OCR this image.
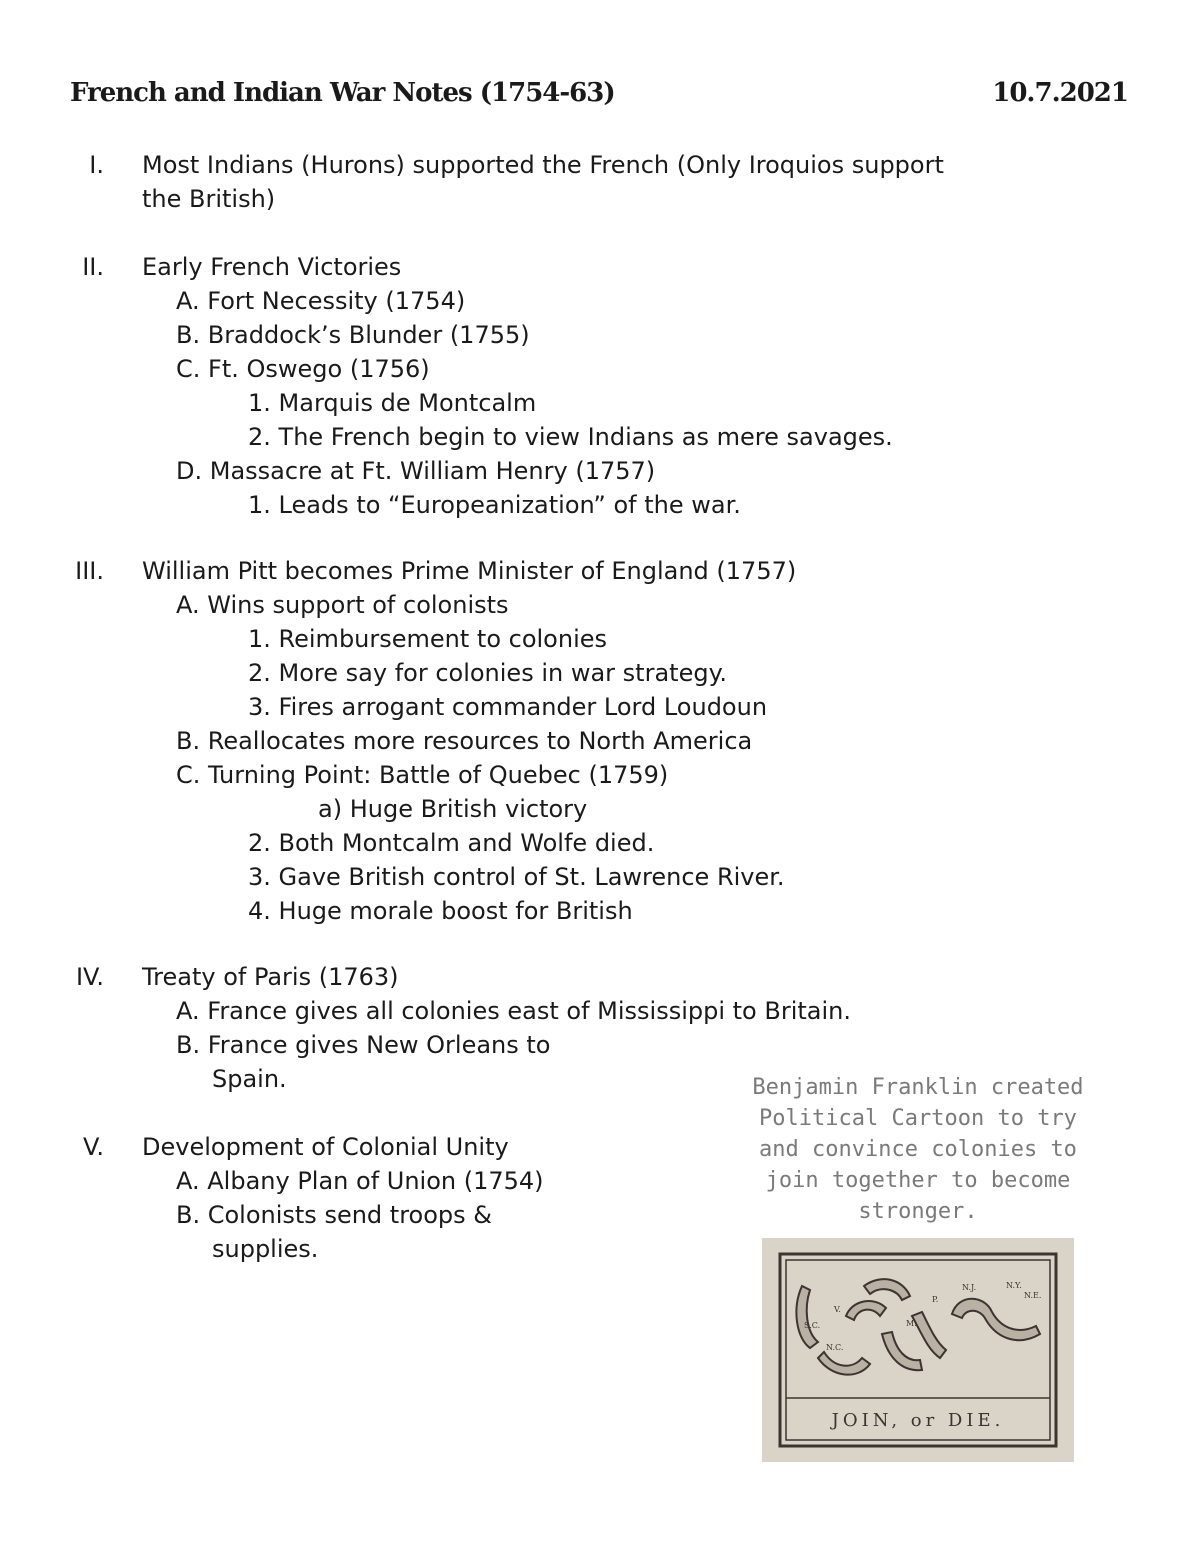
French and Indian War Notes (1754-63)	10.7.2021
I. Most Indians (Hurons) supported the French (Only Iroquios support
the British)
II. Early French Victories
A. Fort Necessity (1754)
B. Braddock’s Blunder (1755)
C. Ft. Oswego (1756)
1. Marquis de Montcalm
2. The French begin to view Indians as mere savages.
D. Massacre at Ft. William Henry (1757)
1. Leads to “Europeanization” of the war.
III. William Pitt becomes Prime Minister of England (1757)
A. Wins support of colonists
1. Reimbursement to colonies
2. More say for colonies in war strategy.
3. Fires arrogant commander Lord Loudoun
B. Reallocates more resources to North America
C. Turning Point: Battle of Quebec (1759)
a) Huge British victory
2. Both Montcalm and Wolfe died.
3. Gave British control of St. Lawrence River.
4. Huge morale boost for British
IV. Treaty of Paris (1763)
A. France gives all colonies east of Mississippi to Britain.
B. France gives New Orleans to
Spain.
V. Development of Colonial Unity
A. Albany Plan of Union (1754)
B. Colonists send troops &
supplies.
Benjamin Franklin created
Political Cartoon to try
and convince colonies to
join together to become
stronger.
N.E.
N.Y.
N.J.
P.
M.
V.
N.C.
S.C.
JOIN, or DIE.
